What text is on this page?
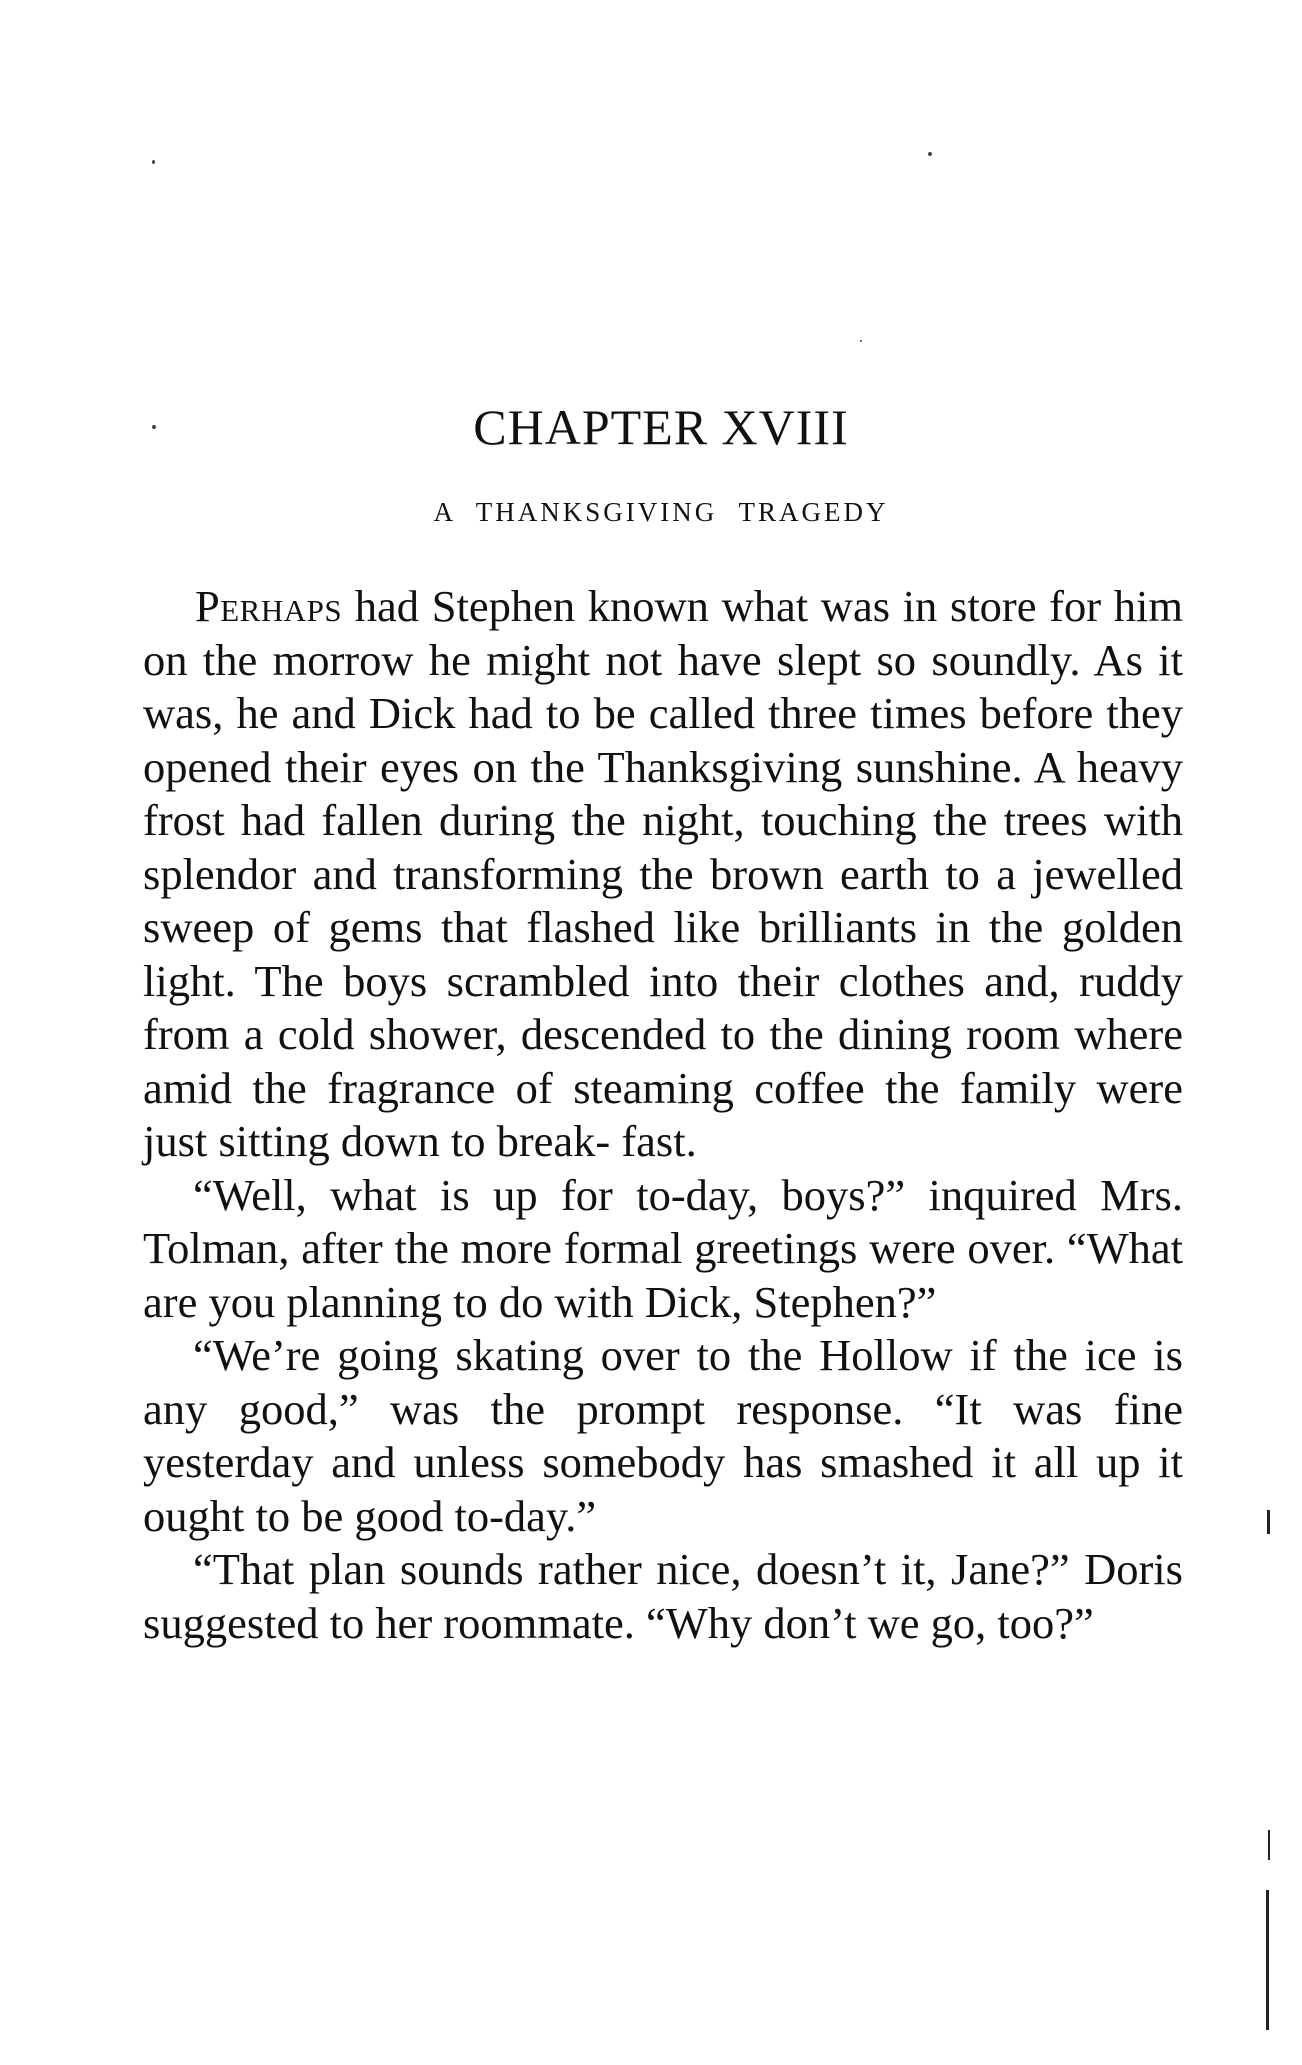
CHAPTER XVIII
A THANKSGIVING TRAGEDY

Perhaps had Stephen known what was in store for him on the morrow he might not have slept so soundly. As it was, he and Dick had to be called three times before they opened their eyes on the Thanksgiving sunshine. A heavy frost had fallen during the night, touching the trees with splendor and transforming the brown earth to a jewelled sweep of gems that flashed like brilliants in the golden light. The boys scrambled into their clothes and, ruddy from a cold shower, descended to the dining room where amid the fragrance of steaming coffee the family were just sitting down to break- fast.

“Well, what is up for to-day, boys?” inquired Mrs. Tolman, after the more formal greetings were over. “What are you planning to do with Dick, Stephen?”

“We’re going skating over to the Hollow if the ice is any good,” was the prompt response. “It was fine yesterday and unless somebody has smashed it all up it ought to be good to-day.”

“That plan sounds rather nice, doesn’t it, Jane?” Doris suggested to her roommate. “Why don’t we go, too?”
